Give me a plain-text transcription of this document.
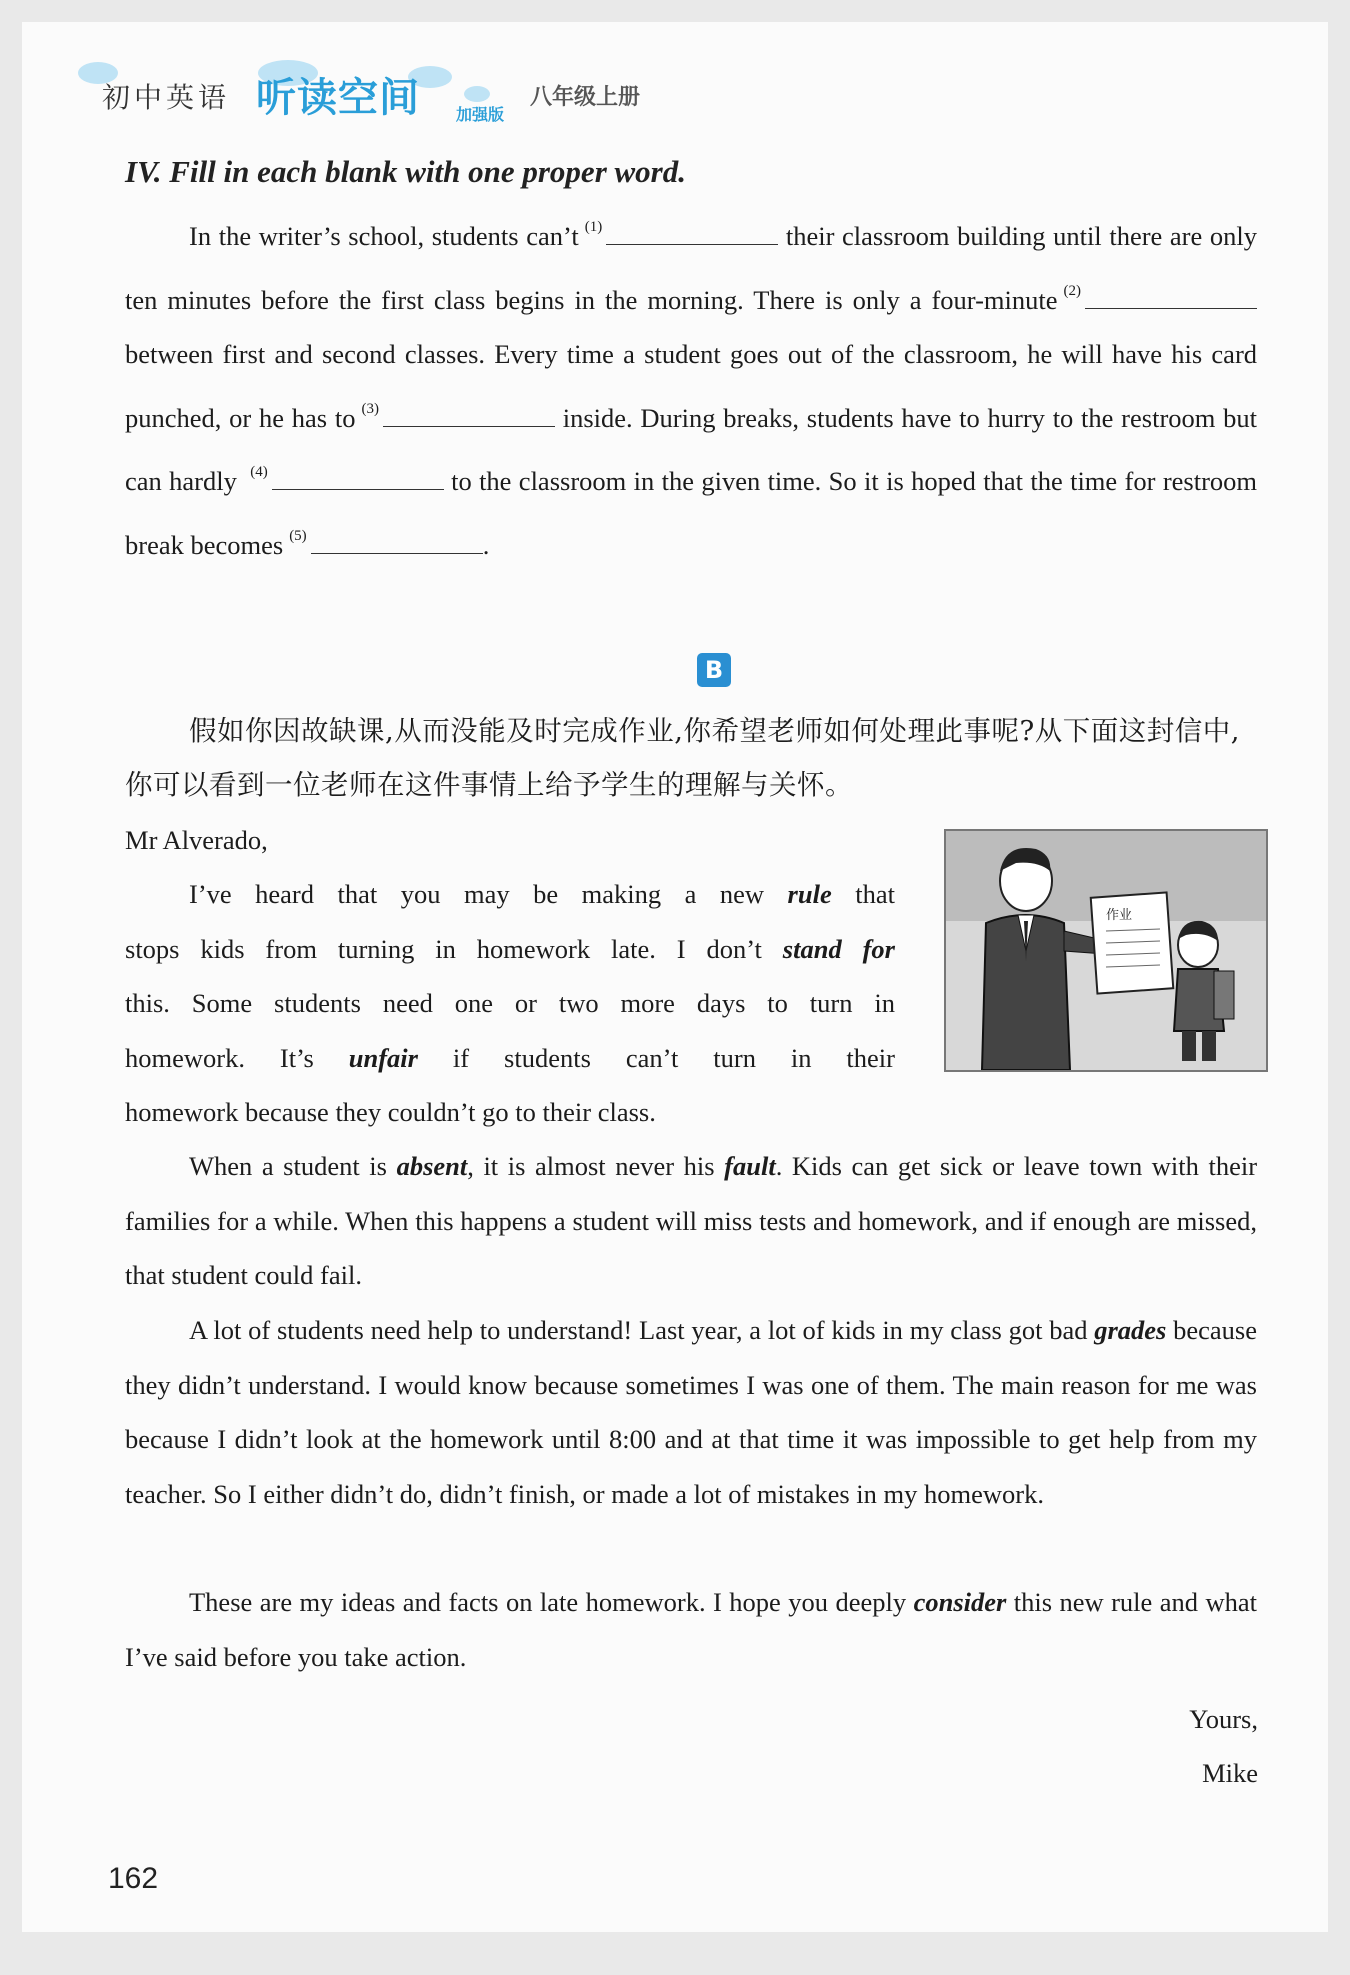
初中英语 听读空间 加强版
八年级上册
IV. Fill in each blank with one proper word.
In the writer’s school, students can’t $^{(1)}$	their classroom building until there are only ten minutes before the first class begins in the morning. There is only a four-minute $^{(2)}$ between first and second classes. Every time a student goes out of the classroom, he will have his card punched, or he has to $^{(3)}$	inside. During breaks, students have to hurry to the restroom but can hardly $^{(4)}$	to the classroom in the given time. So it is hoped that the time for restroom break becomes $^{(5)}$	.
B
假如你因故缺课,从而没能及时完成作业,你希望老师如何处理此事呢?从下面这封信中,你可以看到一位老师在这件事情上给予学生的理解与关怀。
Mr Alverado,
I’ve heard that you may be making a new rule that
stops kids from turning in homework late. I don’t stand for
this. Some students need one or two more days to turn in
homework. It’s unfair if students can’t turn in their
homework because they couldn’t go to their class.
作业
When a student is absent, it is almost never his fault. Kids can get sick or leave town with their families for a while. When this happens a student will miss tests and homework, and if enough are missed, that student could fail.
A lot of students need help to understand! Last year, a lot of kids in my class got bad grades because they didn’t understand. I would know because sometimes I was one of them. The main reason for me was because I didn’t look at the homework until 8:00 and at that time it was impossible to get help from my teacher. So I either didn’t do, didn’t finish, or made a lot of mistakes in my homework.
These are my ideas and facts on late homework. I hope you deeply consider this new rule and what I’ve said before you take action.
Yours,
Mike
162
